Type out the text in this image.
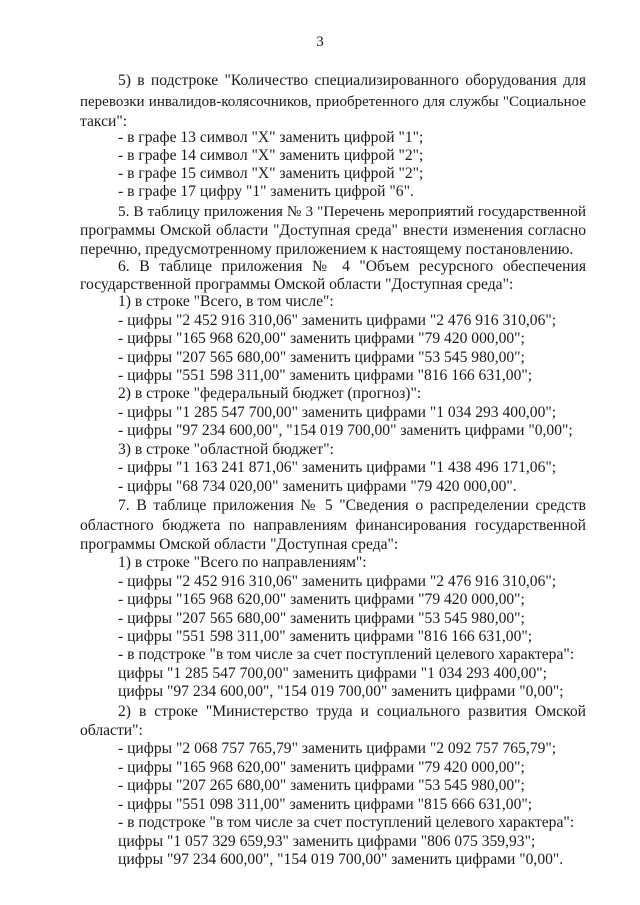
3
5) в подстроке "Количество специализированного оборудования для
перевозки инвалидов-колясочников, приобретенного для службы "Социальное
такси":
- в графе 13 символ "Х" заменить цифрой "1";
- в графе 14 символ "Х" заменить цифрой "2";
- в графе 15 символ "Х" заменить цифрой "2";
- в графе 17 цифру "1" заменить цифрой "6".
5. В таблицу приложения № 3 "Перечень мероприятий государственной
программы Омской области "Доступная среда" внести изменения согласно
перечню, предусмотренному приложением к настоящему постановлению.
6. В таблице приложения № 4 "Объем ресурсного обеспечения
государственной программы Омской области "Доступная среда":
1) в строке "Всего, в том числе":
- цифры "2 452 916 310,06" заменить цифрами "2 476 916 310,06";
- цифры "165 968 620,00" заменить цифрами "79 420 000,00";
- цифры "207 565 680,00" заменить цифрами "53 545 980,00";
- цифры "551 598 311,00" заменить цифрами "816 166 631,00";
2) в строке "федеральный бюджет (прогноз)":
- цифры "1 285 547 700,00" заменить цифрами "1 034 293 400,00";
- цифры "97 234 600,00", "154 019 700,00" заменить цифрами "0,00";
3) в строке "областной бюджет":
- цифры "1 163 241 871,06" заменить цифрами "1 438 496 171,06";
- цифры "68 734 020,00" заменить цифрами "79 420 000,00".
7. В таблице приложения № 5 "Сведения о распределении средств
областного бюджета по направлениям финансирования государственной
программы Омской области "Доступная среда":
1) в строке "Всего по направлениям":
- цифры "2 452 916 310,06" заменить цифрами "2 476 916 310,06";
- цифры "165 968 620,00" заменить цифрами "79 420 000,00";
- цифры "207 565 680,00" заменить цифрами "53 545 980,00";
- цифры "551 598 311,00" заменить цифрами "816 166 631,00";
- в подстроке "в том числе за счет поступлений целевого характера":
цифры "1 285 547 700,00" заменить цифрами "1 034 293 400,00";
цифры "97 234 600,00", "154 019 700,00" заменить цифрами "0,00";
2) в строке "Министерство труда и социального развития Омской
области":
- цифры "2 068 757 765,79" заменить цифрами "2 092 757 765,79";
- цифры "165 968 620,00" заменить цифрами "79 420 000,00";
- цифры "207 265 680,00" заменить цифрами "53 545 980,00";
- цифры "551 098 311,00" заменить цифрами "815 666 631,00";
- в подстроке "в том числе за счет поступлений целевого характера":
цифры "1 057 329 659,93" заменить цифрами "806 075 359,93";
цифры "97 234 600,00", "154 019 700,00" заменить цифрами "0,00".
